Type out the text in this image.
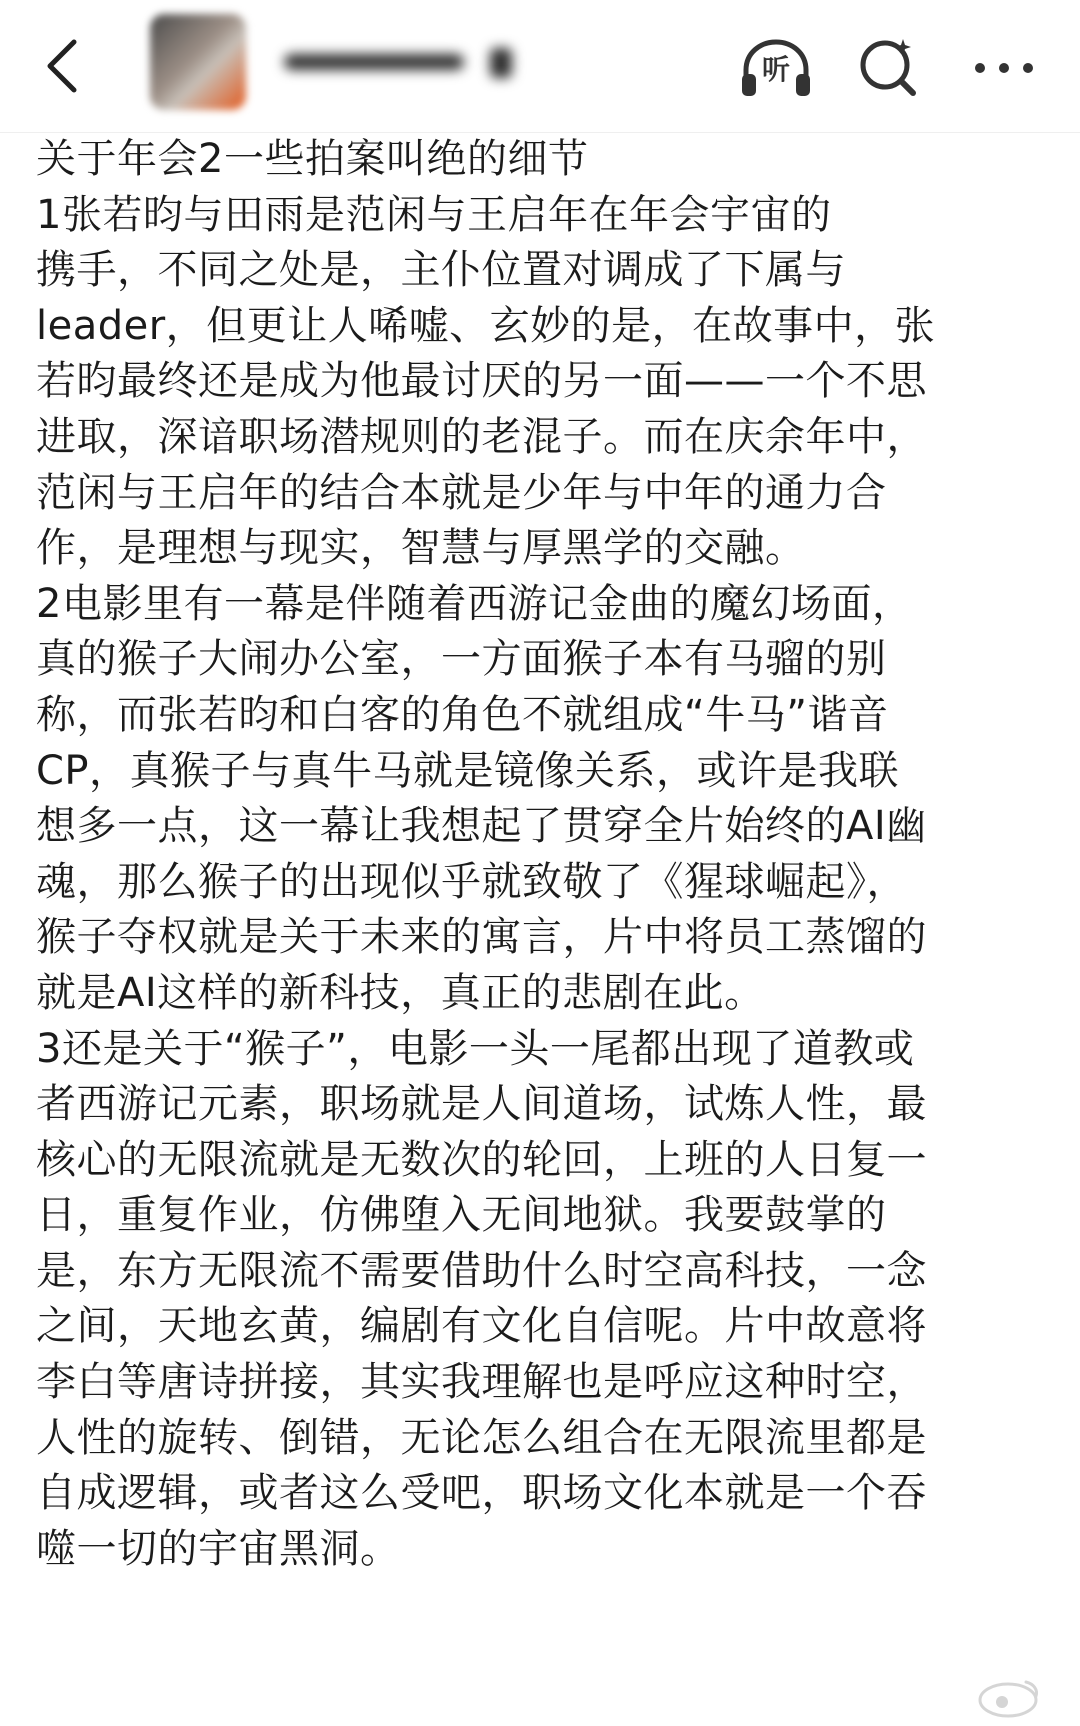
听

关于年会2一些拍案叫绝的细节

1张若昀与田雨是范闲与王启年在年会宇宙的

携手，不同之处是，主仆位置对调成了下属与

leader，但更让人唏嘘、玄妙的是，在故事中，张

若昀最终还是成为他最讨厌的另一面——一个不思

进取，深谙职场潜规则的老混子。而在庆余年中，

范闲与王启年的结合本就是少年与中年的通力合

作，是理想与现实，智慧与厚黑学的交融。

2电影里有一幕是伴随着西游记金曲的魔幻场面，

真的猴子大闹办公室，一方面猴子本有马骝的别

称，而张若昀和白客的角色不就组成“牛马”谐音

CP，真猴子与真牛马就是镜像关系，或许是我联

想多一点，这一幕让我想起了贯穿全片始终的AI幽

魂，那么猴子的出现似乎就致敬了《猩球崛起》，

猴子夺权就是关于未来的寓言，片中将员工蒸馏的

就是AI这样的新科技，真正的悲剧在此。

3还是关于“猴子”，电影一头一尾都出现了道教或

者西游记元素，职场就是人间道场，试炼人性，最

核心的无限流就是无数次的轮回，上班的人日复一

日，重复作业，仿佛堕入无间地狱。我要鼓掌的

是，东方无限流不需要借助什么时空高科技，一念

之间，天地玄黄，编剧有文化自信呢。片中故意将

李白等唐诗拼接，其实我理解也是呼应这种时空，

人性的旋转、倒错，无论怎么组合在无限流里都是

自成逻辑，或者这么受吧，职场文化本就是一个吞

噬一切的宇宙黑洞。
